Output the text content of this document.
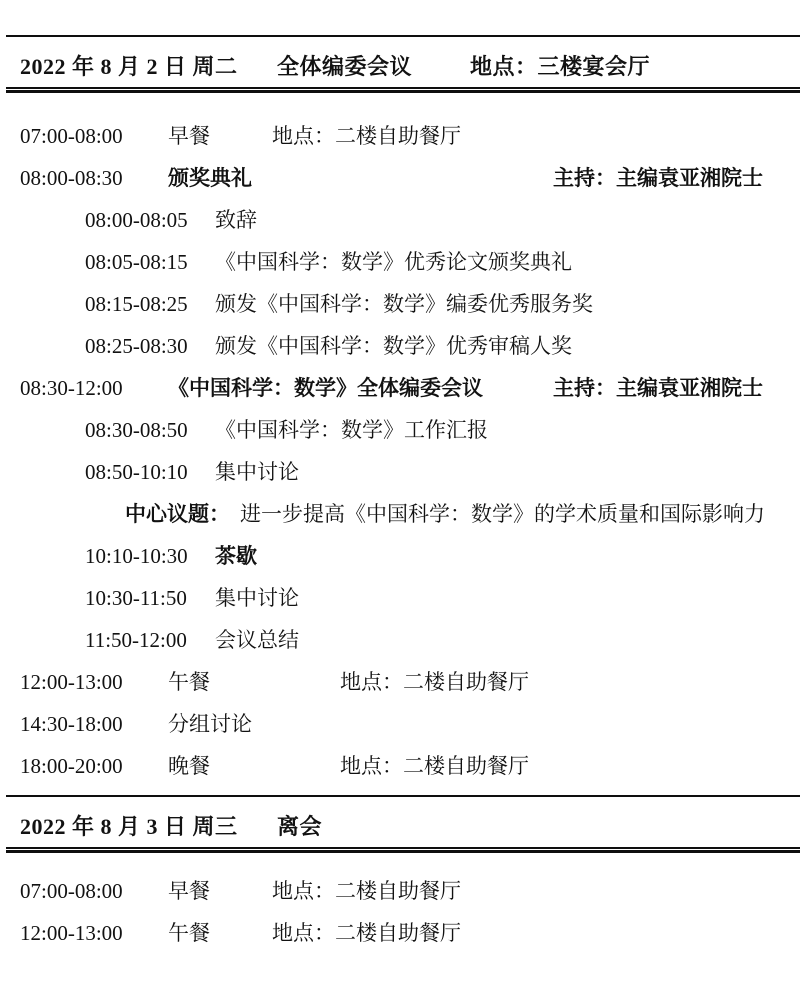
2022 年 8 月 2 日 周二	全体编委会议	地点：三楼宴会厅
07:00-08:00	早餐	地点：二楼自助餐厅
08:00-08:30	颁奖典礼	主持：主编袁亚湘院士
08:00-08:05	致辞
08:05-08:15	《中国科学：数学》优秀论文颁奖典礼
08:15-08:25	颁发《中国科学：数学》编委优秀服务奖
08:25-08:30	颁发《中国科学：数学》优秀审稿人奖
08:30-12:00	《中国科学：数学》全体编委会议	主持：主编袁亚湘院士
08:30-08:50	《中国科学：数学》工作汇报
08:50-10:10	集中讨论
中心议题： 进一步提高《中国科学：数学》的学术质量和国际影响力
10:10-10:30	茶歇
10:30-11:50	集中讨论
11:50-12:00	会议总结
12:00-13:00	午餐	地点：二楼自助餐厅
14:30-18:00	分组讨论
18:00-20:00	晚餐	地点：二楼自助餐厅
2022 年 8 月 3 日 周三	离会
07:00-08:00	早餐	地点：二楼自助餐厅
12:00-13:00	午餐	地点：二楼自助餐厅
